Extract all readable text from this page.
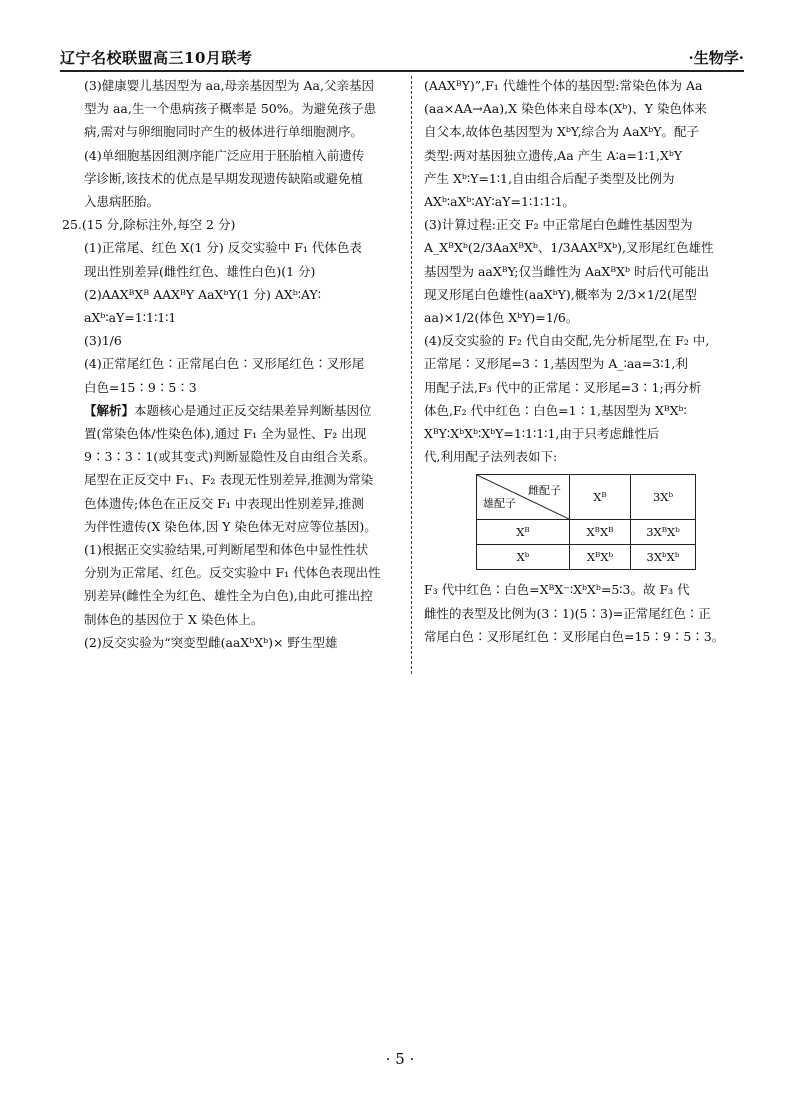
辽宁名校联盟高三10月联考	·生物学·

(3)健康婴儿基因型为 aa,母亲基因型为 Aa,父亲基因

型为 aa,生一个患病孩子概率是 50%。为避免孩子患

病,需对与卵细胞同时产生的极体进行单细胞测序。

(4)单细胞基因组测序能广泛应用于胚胎植入前遗传

学诊断,该技术的优点是早期发现遗传缺陷或避免植

入患病胚胎。

25.(15 分,除标注外,每空 2 分)

(1)正常尾、红色 X(1 分) 反交实验中 F₁ 代体色表

现出性别差异(雌性红色、雄性白色)(1 分)

(2)AAXᴮXᴮ AAXᴮY AaXᵇY(1 分) AXᵇ∶AY∶

aXᵇ∶aY=1∶1∶1∶1

(3)1/6

(4)正常尾红色∶正常尾白色∶叉形尾红色∶叉形尾

白色=15∶9∶5∶3

【解析】本题核心是通过正反交结果差异判断基因位

置(常染色体/性染色体),通过 F₁ 全为显性、F₂ 出现

9∶3∶3∶1(或其变式)判断显隐性及自由组合关系。

尾型在正反交中 F₁、F₂ 表现无性别差异,推测为常染

色体遗传;体色在正反交 F₁ 中表现出性别差异,推测

为伴性遗传(X 染色体,因 Y 染色体无对应等位基因)。

(1)根据正交实验结果,可判断尾型和体色中显性性状

分别为正常尾、红色。反交实验中 F₁ 代体色表现出性

别差异(雌性全为红色、雄性全为白色),由此可推出控

制体色的基因位于 X 染色体上。

(2)反交实验为“突变型雌(aaXᵇXᵇ)× 野生型雄

(AAXᴮY)”,F₁ 代雄性个体的基因型:常染色体为 Aa

(aa×AA→Aa),X 染色体来自母本(Xᵇ)、Y 染色体来

自父本,故体色基因型为 XᵇY,综合为 AaXᵇY。配子

类型:两对基因独立遗传,Aa 产生 A∶a=1∶1,XᵇY

产生 Xᵇ∶Y=1∶1,自由组合后配子类型及比例为

AXᵇ∶aXᵇ∶AY∶aY=1∶1∶1∶1。

(3)计算过程:正交 F₂ 中正常尾白色雌性基因型为

A_XᴮXᵇ(2/3AaXᴮXᵇ、1/3AAXᴮXᵇ),叉形尾红色雄性

基因型为 aaXᴮY;仅当雌性为 AaXᴮXᵇ 时后代可能出

现叉形尾白色雄性(aaXᵇY),概率为 2/3×1/2(尾型

aa)×1/2(体色 XᵇY)=1/6。

(4)反交实验的 F₂ 代自由交配,先分析尾型,在 F₂ 中,

正常尾∶叉形尾=3∶1,基因型为 A_∶aa=3∶1,利

用配子法,F₃ 代中的正常尾∶叉形尾=3∶1;再分析

体色,F₂ 代中红色∶白色=1∶1,基因型为 XᴮXᵇ∶

XᴮY∶XᵇXᵇ∶XᵇY=1∶1∶1∶1,由于只考虑雌性后

代,利用配子法列表如下:

雌配子
雄配子	Xᴮ	3Xᵇ
Xᴮ	XᴮXᴮ	3XᴮXᵇ
Xᵇ	XᴮXᵇ	3XᵇXᵇ

F₃ 代中红色∶白色=XᴮX⁻∶XᵇXᵇ=5∶3。故 F₃ 代

雌性的表型及比例为(3∶1)(5∶3)=正常尾红色∶正

常尾白色∶叉形尾红色∶叉形尾白色=15∶9∶5∶3。

· 5 ·
